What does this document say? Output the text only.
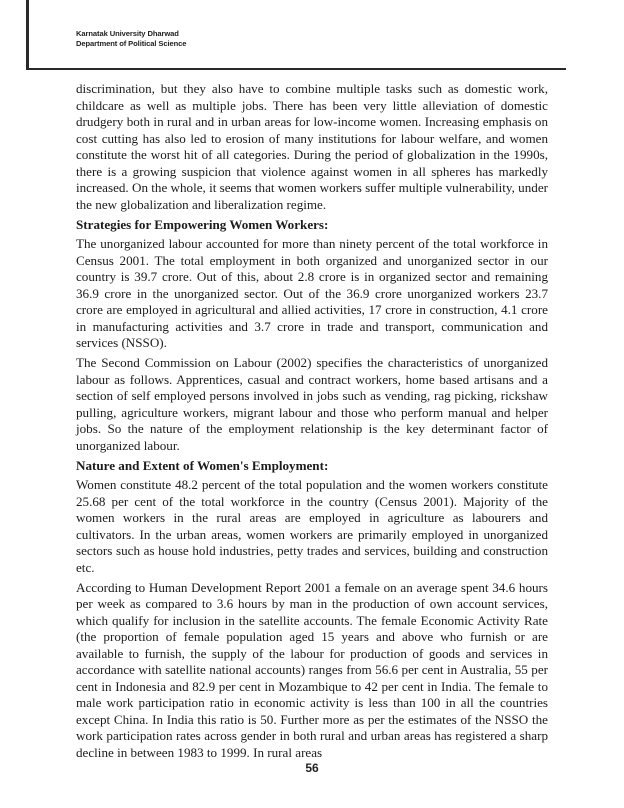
Karnatak University Dharwad
Department of Political Science

discrimination, but they also have to combine multiple tasks such as domestic work, childcare as well as multiple jobs. There has been very little alleviation of domestic drudgery both in rural and in urban areas for low-income women. Increasing emphasis on cost cutting has also led to erosion of many institutions for labour welfare, and women constitute the worst hit of all categories. During the period of globalization in the 1990s, there is a growing suspicion that violence against women in all spheres has markedly increased. On the whole, it seems that women workers suffer multiple vulnerability, under the new globalization and liberalization regime.

Strategies for Empowering Women Workers:

The unorganized labour accounted for more than ninety percent of the total workforce in Census 2001. The total employment in both organized and unorganized sector in our country is 39.7 crore. Out of this, about 2.8 crore is in organized sector and remaining 36.9 crore in the unorganized sector. Out of the 36.9 crore unorganized workers 23.7 crore are employed in agricultural and allied activities, 17 crore in construction, 4.1 crore in manufacturing activities and 3.7 crore in trade and transport, communication and services (NSSO).

The Second Commission on Labour (2002) specifies the characteristics of unorganized labour as follows. Apprentices, casual and contract workers, home based artisans and a section of self employed persons involved in jobs such as vending, rag picking, rickshaw pulling, agriculture workers, migrant labour and those who perform manual and helper jobs. So the nature of the employment relationship is the key determinant factor of unorganized labour.

Nature and Extent of Women's Employment:

Women constitute 48.2 percent of the total population and the women workers constitute 25.68 per cent of the total workforce in the country (Census 2001). Majority of the women workers in the rural areas are employed in agriculture as labourers and cultivators. In the urban areas, women workers are primarily employed in unorganized sectors such as house hold industries, petty trades and services, building and construction etc.

According to Human Development Report 2001 a female on an average spent 34.6 hours per week as compared to 3.6 hours by man in the production of own account services, which qualify for inclusion in the satellite accounts. The female Economic Activity Rate (the proportion of female population aged 15 years and above who furnish or are available to furnish, the supply of the labour for production of goods and services in accordance with satellite national accounts) ranges from 56.6 per cent in Australia, 55 per cent in Indonesia and 82.9 per cent in Mozambique to 42 per cent in India. The female to male work participation ratio in economic activity is less than 100 in all the countries except China. In India this ratio is 50. Further more as per the estimates of the NSSO the work participation rates across gender in both rural and urban areas has registered a sharp decline in between 1983 to 1999. In rural areas

56
